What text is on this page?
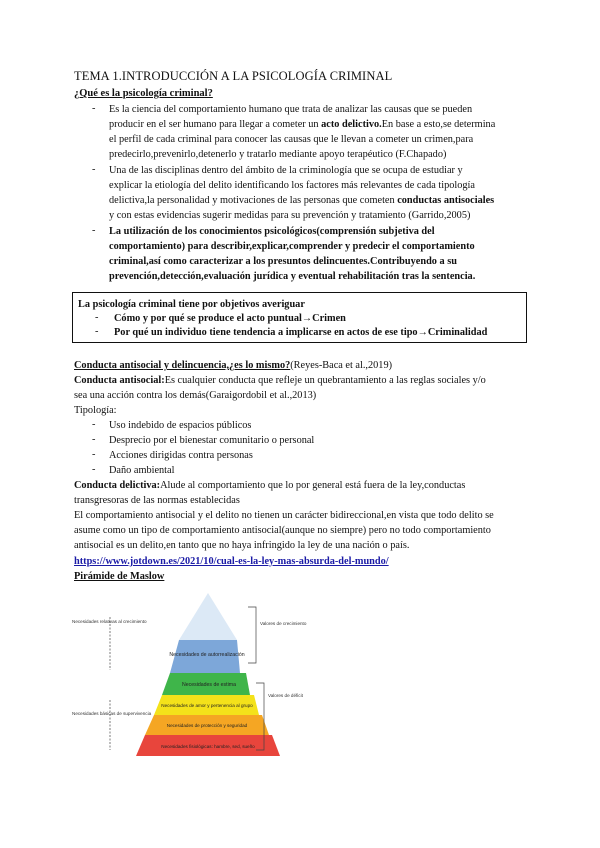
TEMA 1.INTRODUCCIÓN A LA PSICOLOGÍA CRIMINAL
¿Qué es la psicología criminal?
- Es la ciencia del comportamiento humano que trata de analizar las causas que se pueden
producir en el ser humano para llegar a cometer un acto delictivo.En base a esto,se determina
el perfil de cada criminal para conocer las causas que le llevan a cometer un crimen,para
predecirlo,prevenirlo,detenerlo y tratarlo mediante apoyo terapéutico (F.Chapado)
- Una de las disciplinas dentro del ámbito de la criminología que se ocupa de estudiar y
explicar la etiología del delito identificando los factores más relevantes de cada tipología
delictiva,la personalidad y motivaciones de las personas que cometen conductas antisociales
y con estas evidencias sugerir medidas para su prevención y tratamiento (Garrido,2005)
- La utilización de los conocimientos psicológicos(comprensión subjetiva del
comportamiento) para describir,explicar,comprender y predecir el comportamiento
criminal,así como caracterizar a los presuntos delincuentes.Contribuyendo a su
prevención,detección,evaluación jurídica y eventual rehabilitación tras la sentencia.
La psicología criminal tiene por objetivos averiguar
- Cómo y por qué se produce el acto puntual→Crimen
- Por qué un individuo tiene tendencia a implicarse en actos de ese tipo→Criminalidad
Conducta antisocial y delincuencia,¿es lo mismo?(Reyes-Baca et al.,2019)
Conducta antisocial:Es cualquier conducta que refleje un quebrantamiento a las reglas sociales y/o
sea una acción contra los demás(Garaigordobil et al.,2013)
Tipología:
- Uso indebido de espacios públicos
- Desprecio por el bienestar comunitario o personal
- Acciones dirigidas contra personas
- Daño ambiental
Conducta delictiva:Alude al comportamiento que lo por general está fuera de la ley,conductas
transgresoras de las normas establecidas
El comportamiento antisocial y el delito no tienen un carácter bidireccional,en vista que todo delito se
asume como un tipo de comportamiento antisocial(aunque no siempre) pero no todo comportamiento
antisocial es un delito,en tanto que no haya infringido la ley de una nación o país.
https://www.jotdown.es/2021/10/cual-es-la-ley-mas-absurda-del-mundo/
Pirámide de Maslow
Necesidades de autorrealización
Necesidades de estima
Necesidades de amor y pertenencia al grupo
Necesidades de protección y seguridad
Necesidades fisiológicas: hambre, sed, sueño
Necesidades relativas al crecimiento
Necesidades básicas de supervivencia
Valores de crecimiento
Valores de déficit
